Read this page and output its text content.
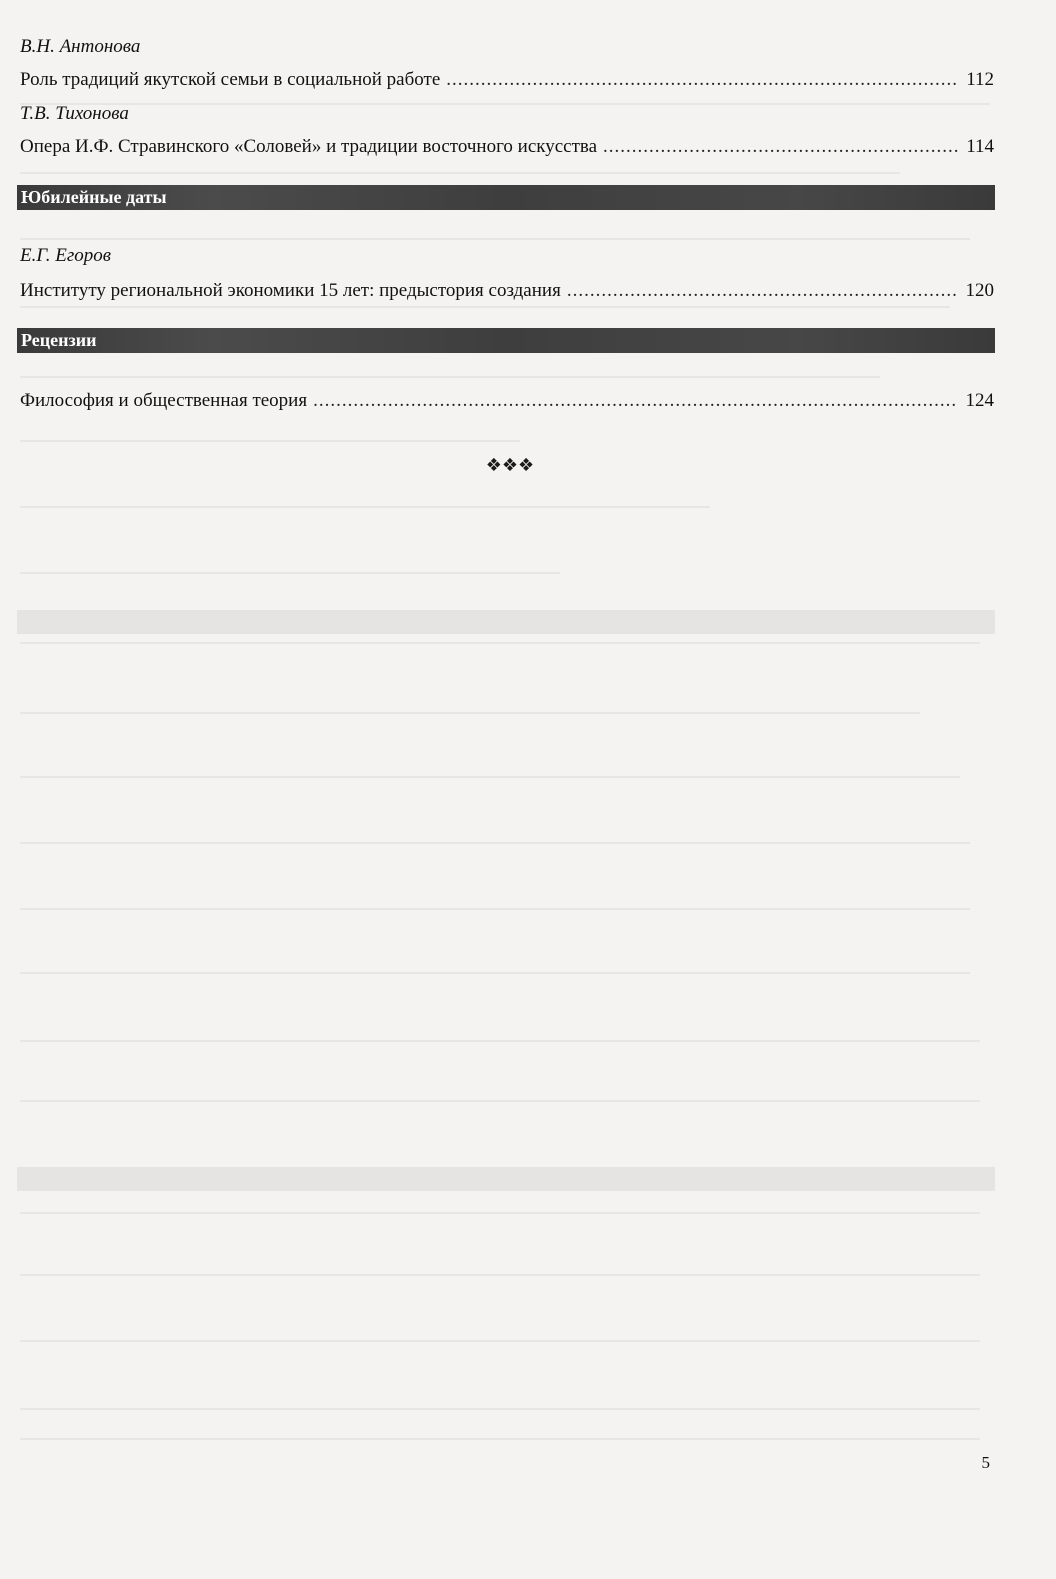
В.Н. Антонова
Роль традиций якутской семьи в социальной работе .....	112
Т.В. Тихонова
Опера И.Ф. Стравинского «Соловей» и традиции восточного искусства .....	114
Юбилейные даты
Е.Г. Егоров
Институту региональной экономики 15 лет: предыстория создания .....	120
Рецензии
Философия и общественная теория .....	124
❖❖❖
5
